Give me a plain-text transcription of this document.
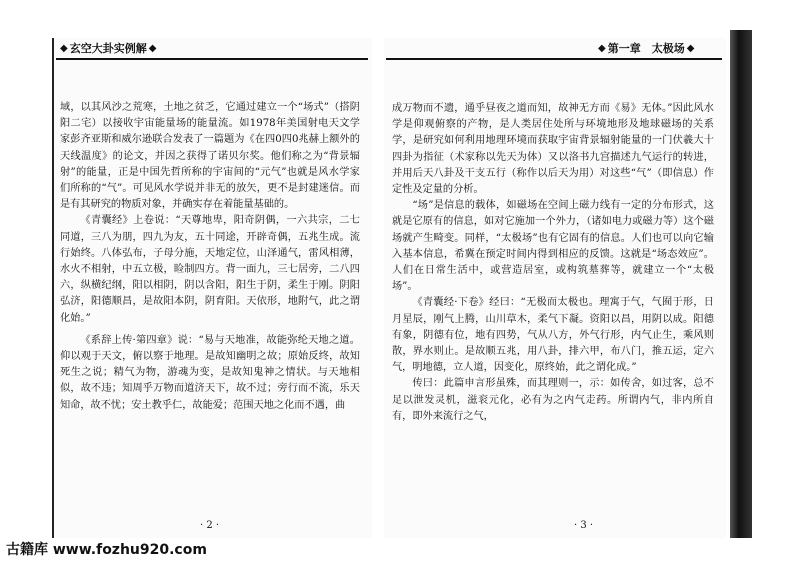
◆ 玄空大卦实例解 ◆	◆ 第一章　太极场 ◆

域，以其风沙之荒寒，土地之贫乏，它通过建立一个“场式”（搭阴阳二宅）以接收宇宙能量场的能量流。如1978年美国射电天文学家彭齐亚斯和威尔逊联合发表了一篇题为《在四0四0兆赫上额外的天线温度》的论文，并因之获得了诺贝尔奖。他们称之为“背景辐射”的能量，正是中国先哲所称的宇宙间的“元气”也就是风水学家们所称的“气”。可见风水学说并非无的放矢，更不是封建迷信。而是有其研究的物质对象，并确实存在着能量基础的。

《青囊经》上卷说：“天尊地卑，阳奇阴偶，一六共宗，二七同道，三八为朋，四九为友，五十同途，开辟奇偶，五兆生成。流行始终。八体弘布，子母分施，天地定位，山泽通气，雷风相薄，水火不相射，中五立极，睑制四方。背一面九，三七居旁，二八四六，纵横纪纲，阳以相阴，阴以含阳，阳生于阴，柔生于刚。阴阳弘济，阳德顺昌，是故阳本阴，阴育阳。天依形，地附气，此之谓化始。”

《系辞上传·第四章》说：“易与天地准，故能弥纶天地之道。仰以观于天文，俯以察于地理。是故知幽明之故；原始反终，故知死生之说；精气为物，游魂为变，是故知鬼神之情状。与天地相似，故不违；知周乎万物而道济天下，故不过；旁行而不流，乐天知命，故不忧；安土教乎仁，故能爱；范围天地之化而不遇，曲

成万物而不遗，通乎昼夜之道而知，故神无方而《易》无体。”因此风水学是仰观俯察的产物，是人类居住处所与环境地形及地球磁场的关系学，是研究如何利用地理环境而获取宇宙背景辐射能量的一门伏羲大十四卦为指征（术家称以先天为体）又以洛书九宫描述九气运行的转进，并用后天八卦及干支五行（称作以后天为用）对这些“气”（即信息）作定性及定量的分析。

“场”是信息的载体，如磁场在空间上磁力线有一定的分布形式，这就是它原有的信息，如对它施加一个外力，（诸如电力或磁力等）这个磁场就产生畸变。同样，“太极场”也有它固有的信息。人们也可以向它输入基本信息，希冀在预定时间内得到相应的反馈。这就是“场态效应”。人们在日常生活中，或营造居室，或构筑墓葬等，就建立一个“太极场”。

《青囊经·下卷》经曰：“无极而太极也。理寓于气，气囿于形，日月星辰，刚气上腾，山川草木，柔气下凝。资阳以昌，用阴以成。阳德有象，阴德有位，地有四势，气从八方，外气行形，内气止生，乘风则散，界水则止。是故顺五兆，用八卦，排六甲，布八门，推五运，定六气，明地德，立人道，因变化，原终始，此之谓化成。”

传曰：此篇申言形虽殊，而其理则一，示：如传舍，如过客，总不足以泄发灵机，滋衮元化，必有为之内气走药。所谓内气，非内所自有，即外来流行之气，

· 2 ·	· 3 ·
古籍库 www.fozhu920.com
